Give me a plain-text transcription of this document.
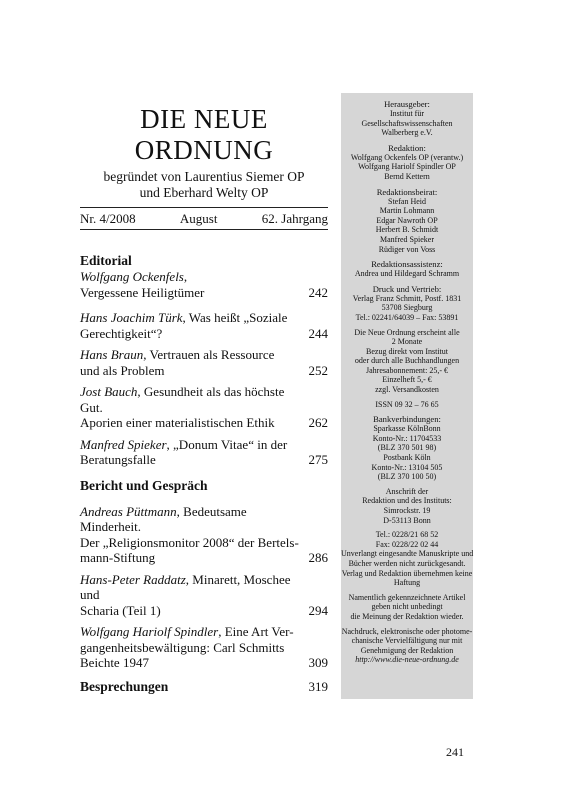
DIE NEUE
ORDNUNG
begründet von Laurentius Siemer OP
und Eberhard Welty OP
Nr. 4/2008	August	62. Jahrgang
Editorial
Wolfgang Ockenfels,
Vergessene Heiligtümer	242
Hans Joachim Türk, Was heißt „Soziale
Gerechtigkeit“?	244
Hans Braun, Vertrauen als Ressource
und als Problem	252
Jost Bauch, Gesundheit als das höchste Gut.
Aporien einer materialistischen Ethik	262
Manfred Spieker, „Donum Vitae“ in der
Beratungsfalle	275
Bericht und Gespräch
Andreas Püttmann, Bedeutsame Minderheit.
Der „Religionsmonitor 2008“ der Bertels-
mann-Stiftung	286
Hans-Peter Raddatz, Minarett, Moschee und
Scharia (Teil 1)	294
Wolfgang Hariolf Spindler, Eine Art Ver-
gangenheitsbewältigung: Carl Schmitts
Beichte 1947	309
Besprechungen	319
Herausgeber:
Institut für
Gesellschaftswissenschaften
Walberberg e.V.
Redaktion:
Wolfgang Ockenfels OP (verantw.)
Wolfgang Hariolf Spindler OP
Bernd Kettern
Redaktionsbeirat:
Stefan Heid
Martin Lohmann
Edgar Nawroth OP
Herbert B. Schmidt
Manfred Spieker
Rüdiger von Voss
Redaktionsassistenz:
Andrea und Hildegard Schramm
Druck und Vertrieb:
Verlag Franz Schmitt, Postf. 1831
53708 Siegburg
Tel.: 02241/64039 – Fax: 53891
Die Neue Ordnung erscheint alle
2 Monate
Bezug direkt vom Institut
oder durch alle Buchhandlungen
Jahresabonnement: 25,- €
Einzelheft 5,- €
zzgl. Versandkosten
ISSN 09 32 – 76 65
Bankverbindungen:
Sparkasse KölnBonn
Konto-Nr.: 11704533
(BLZ 370 501 98)
Postbank Köln
Konto-Nr.: 13104 505
(BLZ 370 100 50)
Anschrift der
Redaktion und des Instituts:
Simrockstr. 19
D-53113 Bonn
Tel.: 0228/21 68 52
Fax: 0228/22 02 44
Unverlangt eingesandte Manuskripte und
Bücher werden nicht zurückgesandt.
Verlag und Redaktion übernehmen keine
Haftung
Namentlich gekennzeichnete Artikel
geben nicht unbedingt
die Meinung der Redaktion wieder.
Nachdruck, elektronische oder photome-
chanische Vervielfältigung nur mit
Genehmigung der Redaktion
http://www.die-neue-ordnung.de
241
